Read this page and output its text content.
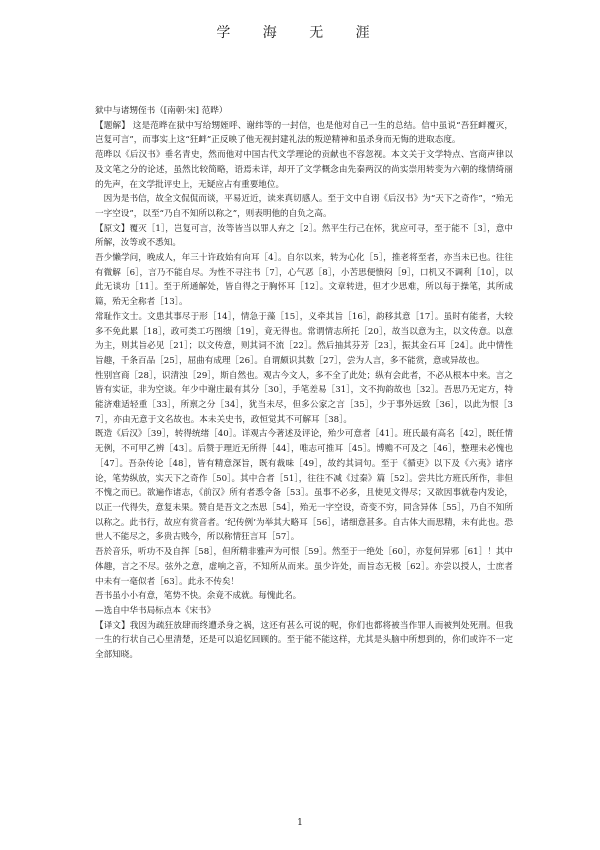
学 海 无 涯

狱中与诸甥侄书（[南朝·宋] 范晔）

【题解】 这是范晔在狱中写给甥姪呼、谢纬等的一封信，也是他对自己一生的总结。信中虽说“吾狂衅覆灭，岂复可言”，而事实上这“狂衅”正反映了他无视封建礼法的叛逆精神和虽杀身而无悔的进取态度。

范晔以《后汉书》垂名青史，然而他对中国古代文学理论的贡献也不容忽视。本文关于文学特点、宫商声律以及文笔之分的论述，虽然比较简略，语焉未详，却开了文学概念由先秦两汉的尚实崇用转变为六朝的缘情绮丽的先声，在文学批评史上，无疑应占有重要地位。

　因为是书信，故全文侃侃而谈，平易近近，读来真切感人。至于文中自诩《后汉书》为“天下之奇作”，“殆无一字空设”，以至“乃自不知所以称之”，则表明他的自负之高。

【原文】覆灭［1］，岂复可言，汝等皆当以罪人弃之［2］。然平生行己在怀，犹应可寻，至于能不［3］，意中所解，汝等或不悉知。

吾少懒学问，晚成人，年三十许政始有向耳［4］。自尔以来，转为心化［5］，推老将至者，亦当未已也。往往有微解［6］，言乃不能自尽。为性不寻注书［7］，心气恶［8］，小苦思便愦闷［9］，口机又不调利［10］，以此无谈功［11］。至于所通解处，皆自得之于胸怀耳［12］。文章转进，但才少思难，所以每于操笔，其所成篇，殆无全称者［13］。

常耻作文士。文患其事尽于形［14］，情急于藻［15］，义牵其旨［16］，韵移其意［17］。虽时有能者，大较多不免此累［18］，政可类工巧图缋［19］，竟无得也。常谓情志所托［20］，故当以意为主，以文传意。以意为主，则其旨必见［21］；以文传意，则其词不流［22］。然后抽其芬芳［23］，振其金石耳［24］。此中情性旨趣，千条百品［25］，屈曲有成理［26］。自谓颇识其数［27］，尝为人言，多不能赏，意或异故也。

性别宫商［28］，识清浊［29］，斯自然也。观古今文人，多不全了此处；纵有会此者，不必从根本中来。言之皆有实证，非为空谈。年少中谢庄最有其分［30］，手笔差易［31］，文不拘韵故也［32］。吾思乃无定方，特能济难适轻重［33］，所禀之分［34］，犹当未尽，但多公家之言［35］，少于事外远致［36］，以此为恨［37］，亦由无意于文名故也。本未关史书，政恒觉其不可解耳［38］。

既造《后汉》［39］，转得统绪［40］。详观古今著述及评论，殆少可意者［41］。班氏最有高名［42］，既任情无例，不可甲乙辨［43］。后赞于理近无所得［44］，唯志可推耳［45］。博赡不可及之［46］，整理未必愧也［47］。吾杂传论［48］，皆有精意深旨，既有裁味［49］，故约其词句。至于《循吏》以下及《六夷》诸序论，笔势纵放，实天下之奇作［50］。其中合者［51］，往往不减《过秦》篇［52］。尝共比方班氏所作，非但不愧之而已。欲遍作诸志，《前汉》所有者悉令备［53］。虽事不必多，且使见文得尽；又欲因事就卷内发论，以正一代得失，意复未果。赞自是吾文之杰思［54］，殆无一字空设，奇变不穷，同含异体［55］，乃自不知所以称之。此书行，故应有赏音者。‘纪传例’为举其大略耳［56］，诸细意甚多。自古体大而思精，未有此也。恐世人不能尽之，多贵古贱今，所以称情狂言耳［57］。

吾於音乐，听功不及自挥［58］，但所精非雅声为可恨［59］。然至于一绝处［60］，亦复何异邪［61］！其中体趣，言之不尽。弦外之意，虚响之音，不知所从而来。虽少许处，而旨态无极［62］。亦尝以授人，士庶者中未有一毫似者［63］。此永不传矣！

吾书虽小小有意，笔势不快。余竟不成就。每愧此名。

—选自中华书局标点本《宋书》

【译文】我因为疏狂放肆而终遭杀身之祸，这还有甚么可说的呢，你们也都将被当作罪人而被判处死刑。但我一生的行状自己心里清楚，还是可以追忆回顾的。至于能不能这样，尤其是头脑中所想到的，你们或许不一定全部知晓。

1
